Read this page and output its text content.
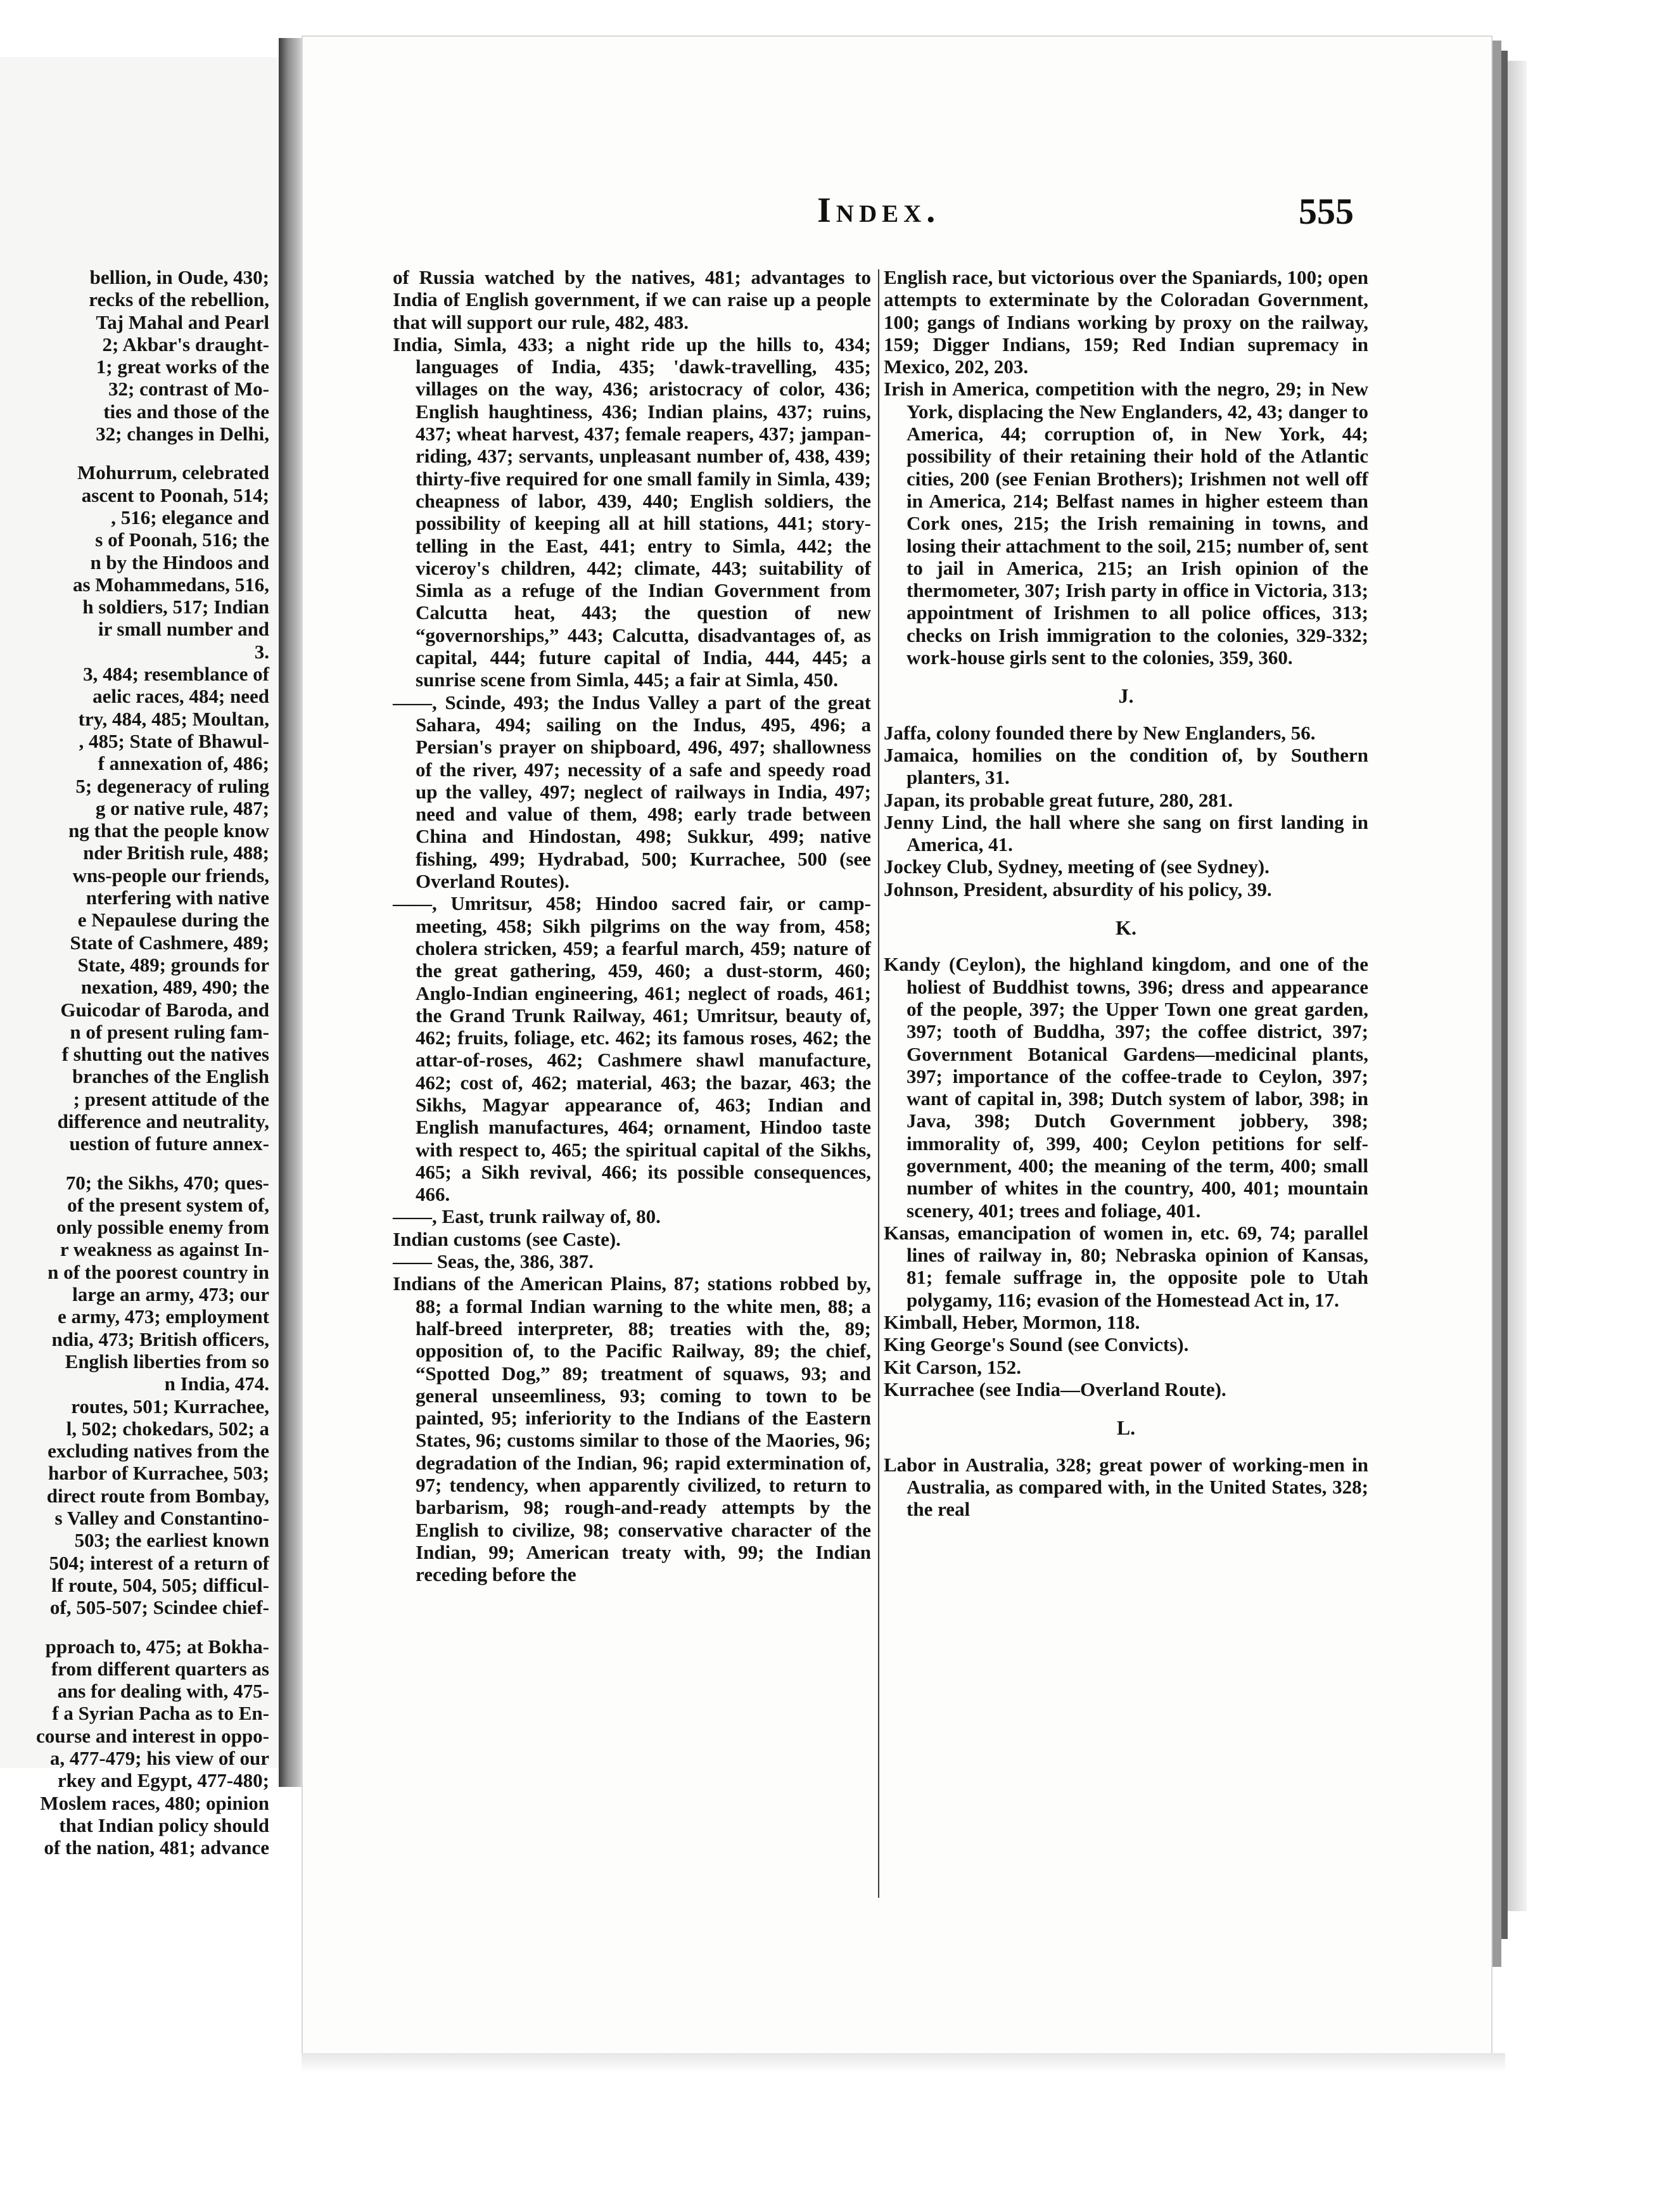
bellion, in Oude, 430;
recks of the rebellion,
Taj Mahal and Pearl
2; Akbar's draught-
1; great works of the
32; contrast of Mo-
ties and those of the
32; changes in Delhi,
Mohurrum, celebrated
ascent to Poonah, 514;
, 516; elegance and
s of Poonah, 516; the
n by the Hindoos and
as Mohammedans, 516,
h soldiers, 517; Indian
ir small number and
3.
3, 484; resemblance of
aelic races, 484; need
try, 484, 485; Moultan,
, 485; State of Bhawul-
f annexation of, 486;
5; degeneracy of ruling
g or native rule, 487;
ng that the people know
nder British rule, 488;
wns-people our friends,
nterfering with native
e Nepaulese during the
State of Cashmere, 489;
State, 489; grounds for
nexation, 489, 490; the
Guicodar of Baroda, and
n of present ruling fam-
f shutting out the natives
branches of the English
; present attitude of the
difference and neutrality,
uestion of future annex-
70; the Sikhs, 470; ques-
of the present system of,
only possible enemy from
r weakness as against In-
n of the poorest country in
large an army, 473; our
e army, 473; employment
ndia, 473; British officers,
English liberties from so
n India, 474.
routes, 501; Kurrachee,
l, 502; chokedars, 502; a
excluding natives from the
harbor of Kurrachee, 503;
direct route from Bombay,
s Valley and Constantino-
503; the earliest known
504; interest of a return of
lf route, 504, 505; difficul-
of, 505-507; Scindee chief-
pproach to, 475; at Bokha-
from different quarters as
ans for dealing with, 475-
f a Syrian Pacha as to En-
course and interest in oppo-
a, 477-479; his view of our
rkey and Egypt, 477-480;
Moslem races, 480; opinion
that Indian policy should
of the nation, 481; advance
Index.	555

of Russia watched by the natives, 481; advantages to India of English government, if we can raise up a people that will support our rule, 482, 483.

India, Simla, 433; a night ride up the hills to, 434; languages of India, 435; 'dawk-travelling, 435; villages on the way, 436; aristocracy of color, 436; English haughtiness, 436; Indian plains, 437; ruins, 437; wheat harvest, 437; female reapers, 437; jampan-riding, 437; servants, unpleasant number of, 438, 439; thirty-five required for one small family in Simla, 439; cheapness of labor, 439, 440; English soldiers, the possibility of keeping all at hill stations, 441; story-telling in the East, 441; entry to Simla, 442; the viceroy's children, 442; climate, 443; suitability of Simla as a refuge of the Indian Government from Calcutta heat, 443; the question of new “governorships,” 443; Calcutta, disadvantages of, as capital, 444; future capital of India, 444, 445; a sunrise scene from Simla, 445; a fair at Simla, 450.

——, Scinde, 493; the Indus Valley a part of the great Sahara, 494; sailing on the Indus, 495, 496; a Persian's prayer on shipboard, 496, 497; shallowness of the river, 497; necessity of a safe and speedy road up the valley, 497; neglect of railways in India, 497; need and value of them, 498; early trade between China and Hindostan, 498; Sukkur, 499; native fishing, 499; Hydrabad, 500; Kurrachee, 500 (see Overland Routes).

——, Umritsur, 458; Hindoo sacred fair, or camp-meeting, 458; Sikh pilgrims on the way from, 458; cholera stricken, 459; a fearful march, 459; nature of the great gathering, 459, 460; a dust-storm, 460; Anglo-Indian engineering, 461; neglect of roads, 461; the Grand Trunk Railway, 461; Umritsur, beauty of, 462; fruits, foliage, etc. 462; its famous roses, 462; the attar-of-roses, 462; Cashmere shawl manufacture, 462; cost of, 462; material, 463; the bazar, 463; the Sikhs, Magyar appearance of, 463; Indian and English manufactures, 464; ornament, Hindoo taste with respect to, 465; the spiritual capital of the Sikhs, 465; a Sikh revival, 466; its possible consequences, 466.

——, East, trunk railway of, 80.

Indian customs (see Caste).

—— Seas, the, 386, 387.

Indians of the American Plains, 87; stations robbed by, 88; a formal Indian warning to the white men, 88; a half-breed interpreter, 88; treaties with the, 89; opposition of, to the Pacific Railway, 89; the chief, “Spotted Dog,” 89; treatment of squaws, 93; and general unseemliness, 93; coming to town to be painted, 95; inferiority to the Indians of the Eastern States, 96; customs similar to those of the Maories, 96; degradation of the Indian, 96; rapid extermination of, 97; tendency, when apparently civilized, to return to barbarism, 98; rough-and-ready attempts by the English to civilize, 98; conservative character of the Indian, 99; American treaty with, 99; the Indian receding before the

English race, but victorious over the Spaniards, 100; open attempts to exterminate by the Coloradan Government, 100; gangs of Indians working by proxy on the railway, 159; Digger Indians, 159; Red Indian supremacy in Mexico, 202, 203.

Irish in America, competition with the negro, 29; in New York, displacing the New Englanders, 42, 43; danger to America, 44; corruption of, in New York, 44; possibility of their retaining their hold of the Atlantic cities, 200 (see Fenian Brothers); Irishmen not well off in America, 214; Belfast names in higher esteem than Cork ones, 215; the Irish remaining in towns, and losing their attachment to the soil, 215; number of, sent to jail in America, 215; an Irish opinion of the thermometer, 307; Irish party in office in Victoria, 313; appointment of Irishmen to all police offices, 313; checks on Irish immigration to the colonies, 329-332; work-house girls sent to the colonies, 359, 360.

J.

Jaffa, colony founded there by New Englanders, 56.

Jamaica, homilies on the condition of, by Southern planters, 31.

Japan, its probable great future, 280, 281.

Jenny Lind, the hall where she sang on first landing in America, 41.

Jockey Club, Sydney, meeting of (see Sydney).

Johnson, President, absurdity of his policy, 39.

K.

Kandy (Ceylon), the highland kingdom, and one of the holiest of Buddhist towns, 396; dress and appearance of the people, 397; the Upper Town one great garden, 397; tooth of Buddha, 397; the coffee district, 397; Government Botanical Gardens—medicinal plants, 397; importance of the coffee-trade to Ceylon, 397; want of capital in, 398; Dutch system of labor, 398; in Java, 398; Dutch Government jobbery, 398; immorality of, 399, 400; Ceylon petitions for self-government, 400; the meaning of the term, 400; small number of whites in the country, 400, 401; mountain scenery, 401; trees and foliage, 401.

Kansas, emancipation of women in, etc. 69, 74; parallel lines of railway in, 80; Nebraska opinion of Kansas, 81; female suffrage in, the opposite pole to Utah polygamy, 116; evasion of the Homestead Act in, 17.

Kimball, Heber, Mormon, 118.

King George's Sound (see Convicts).

Kit Carson, 152.

Kurrachee (see India—Overland Route).

L.

Labor in Australia, 328; great power of working-men in Australia, as compared with, in the United States, 328; the real
